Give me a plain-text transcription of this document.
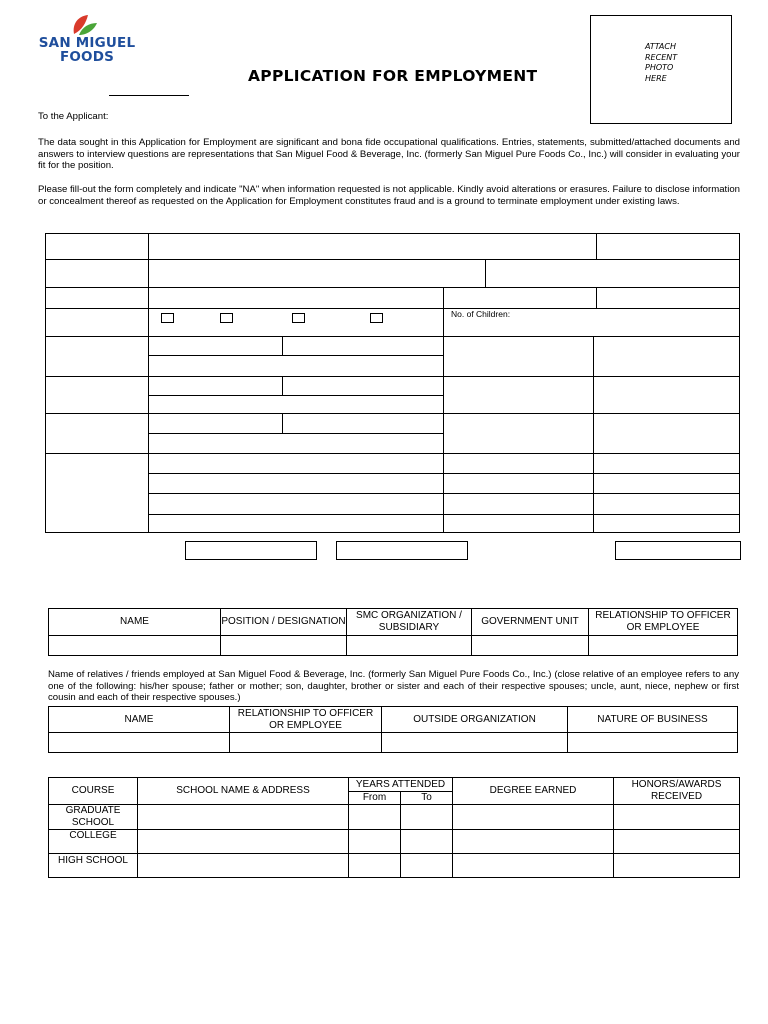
SAN MIGUEL
FOODS
APPLICATION FOR EMPLOYMENT
ATTACH
RECENT
PHOTO
HERE
To the Applicant:
The data sought in this Application for Employment are significant and bona fide occupational qualifications. Entries, statements, submitted/attached documents and answers to interview questions are representations that San Miguel Food & Beverage, Inc. (formerly San Miguel Pure Foods Co., Inc.) will consider in evaluating your fit for the position.
Please fill-out the form completely and indicate "NA" when information requested is not applicable. Kindly avoid alterations or erasures. Failure to disclose information or concealment thereof as requested on the Application for Employment constitutes fraud and is a ground to terminate employment under existing laws.
No. of Children:
NAME	POSITION / DESIGNATION	SMC ORGANIZATION / SUBSIDIARY	GOVERNMENT UNIT	RELATIONSHIP TO OFFICER OR EMPLOYEE

Name of relatives / friends employed at San Miguel Food & Beverage, Inc. (formerly San Miguel Pure Foods Co., Inc.) (close relative of an employee refers to any one of the following: his/her spouse; father or mother; son, daughter, brother or sister and each of their respective spouses; uncle, aunt, niece, nephew or first cousin and each of their respective spouses.)
NAME	RELATIONSHIP TO OFFICER OR EMPLOYEE	OUTSIDE ORGANIZATION	NATURE OF BUSINESS

COURSE	SCHOOL NAME & ADDRESS	YEARS ATTENDED		DEGREE EARNED	HONORS/AWARDS RECEIVED
		From	To		
GRADUATE SCHOOL					
COLLEGE					
HIGH SCHOOL					
